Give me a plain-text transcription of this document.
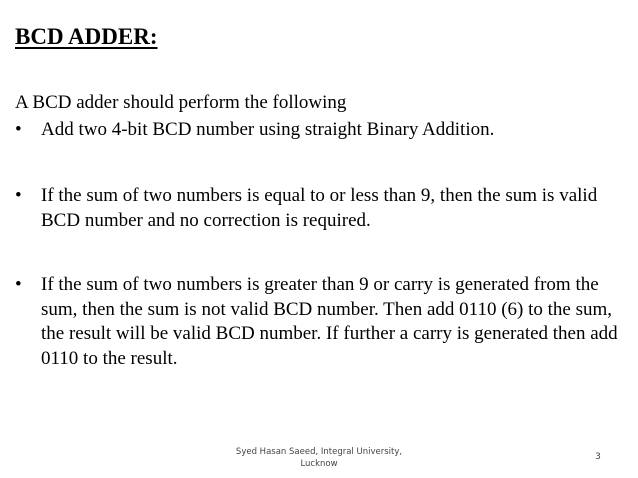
BCD ADDER:
A BCD adder should perform the following
•	Add two 4-bit BCD number using straight Binary Addition.
•	If the sum of two numbers is equal to or less than 9, then the sum is valid BCD number and no correction is required.
•	If the sum of two numbers is greater than 9 or carry is generated from the sum, then the sum is not valid BCD number. Then add 0110 (6) to the sum, the result will be valid BCD number. If further a carry is generated then add 0110 to the result.
Syed Hasan Saeed, Integral University,
Lucknow
3
